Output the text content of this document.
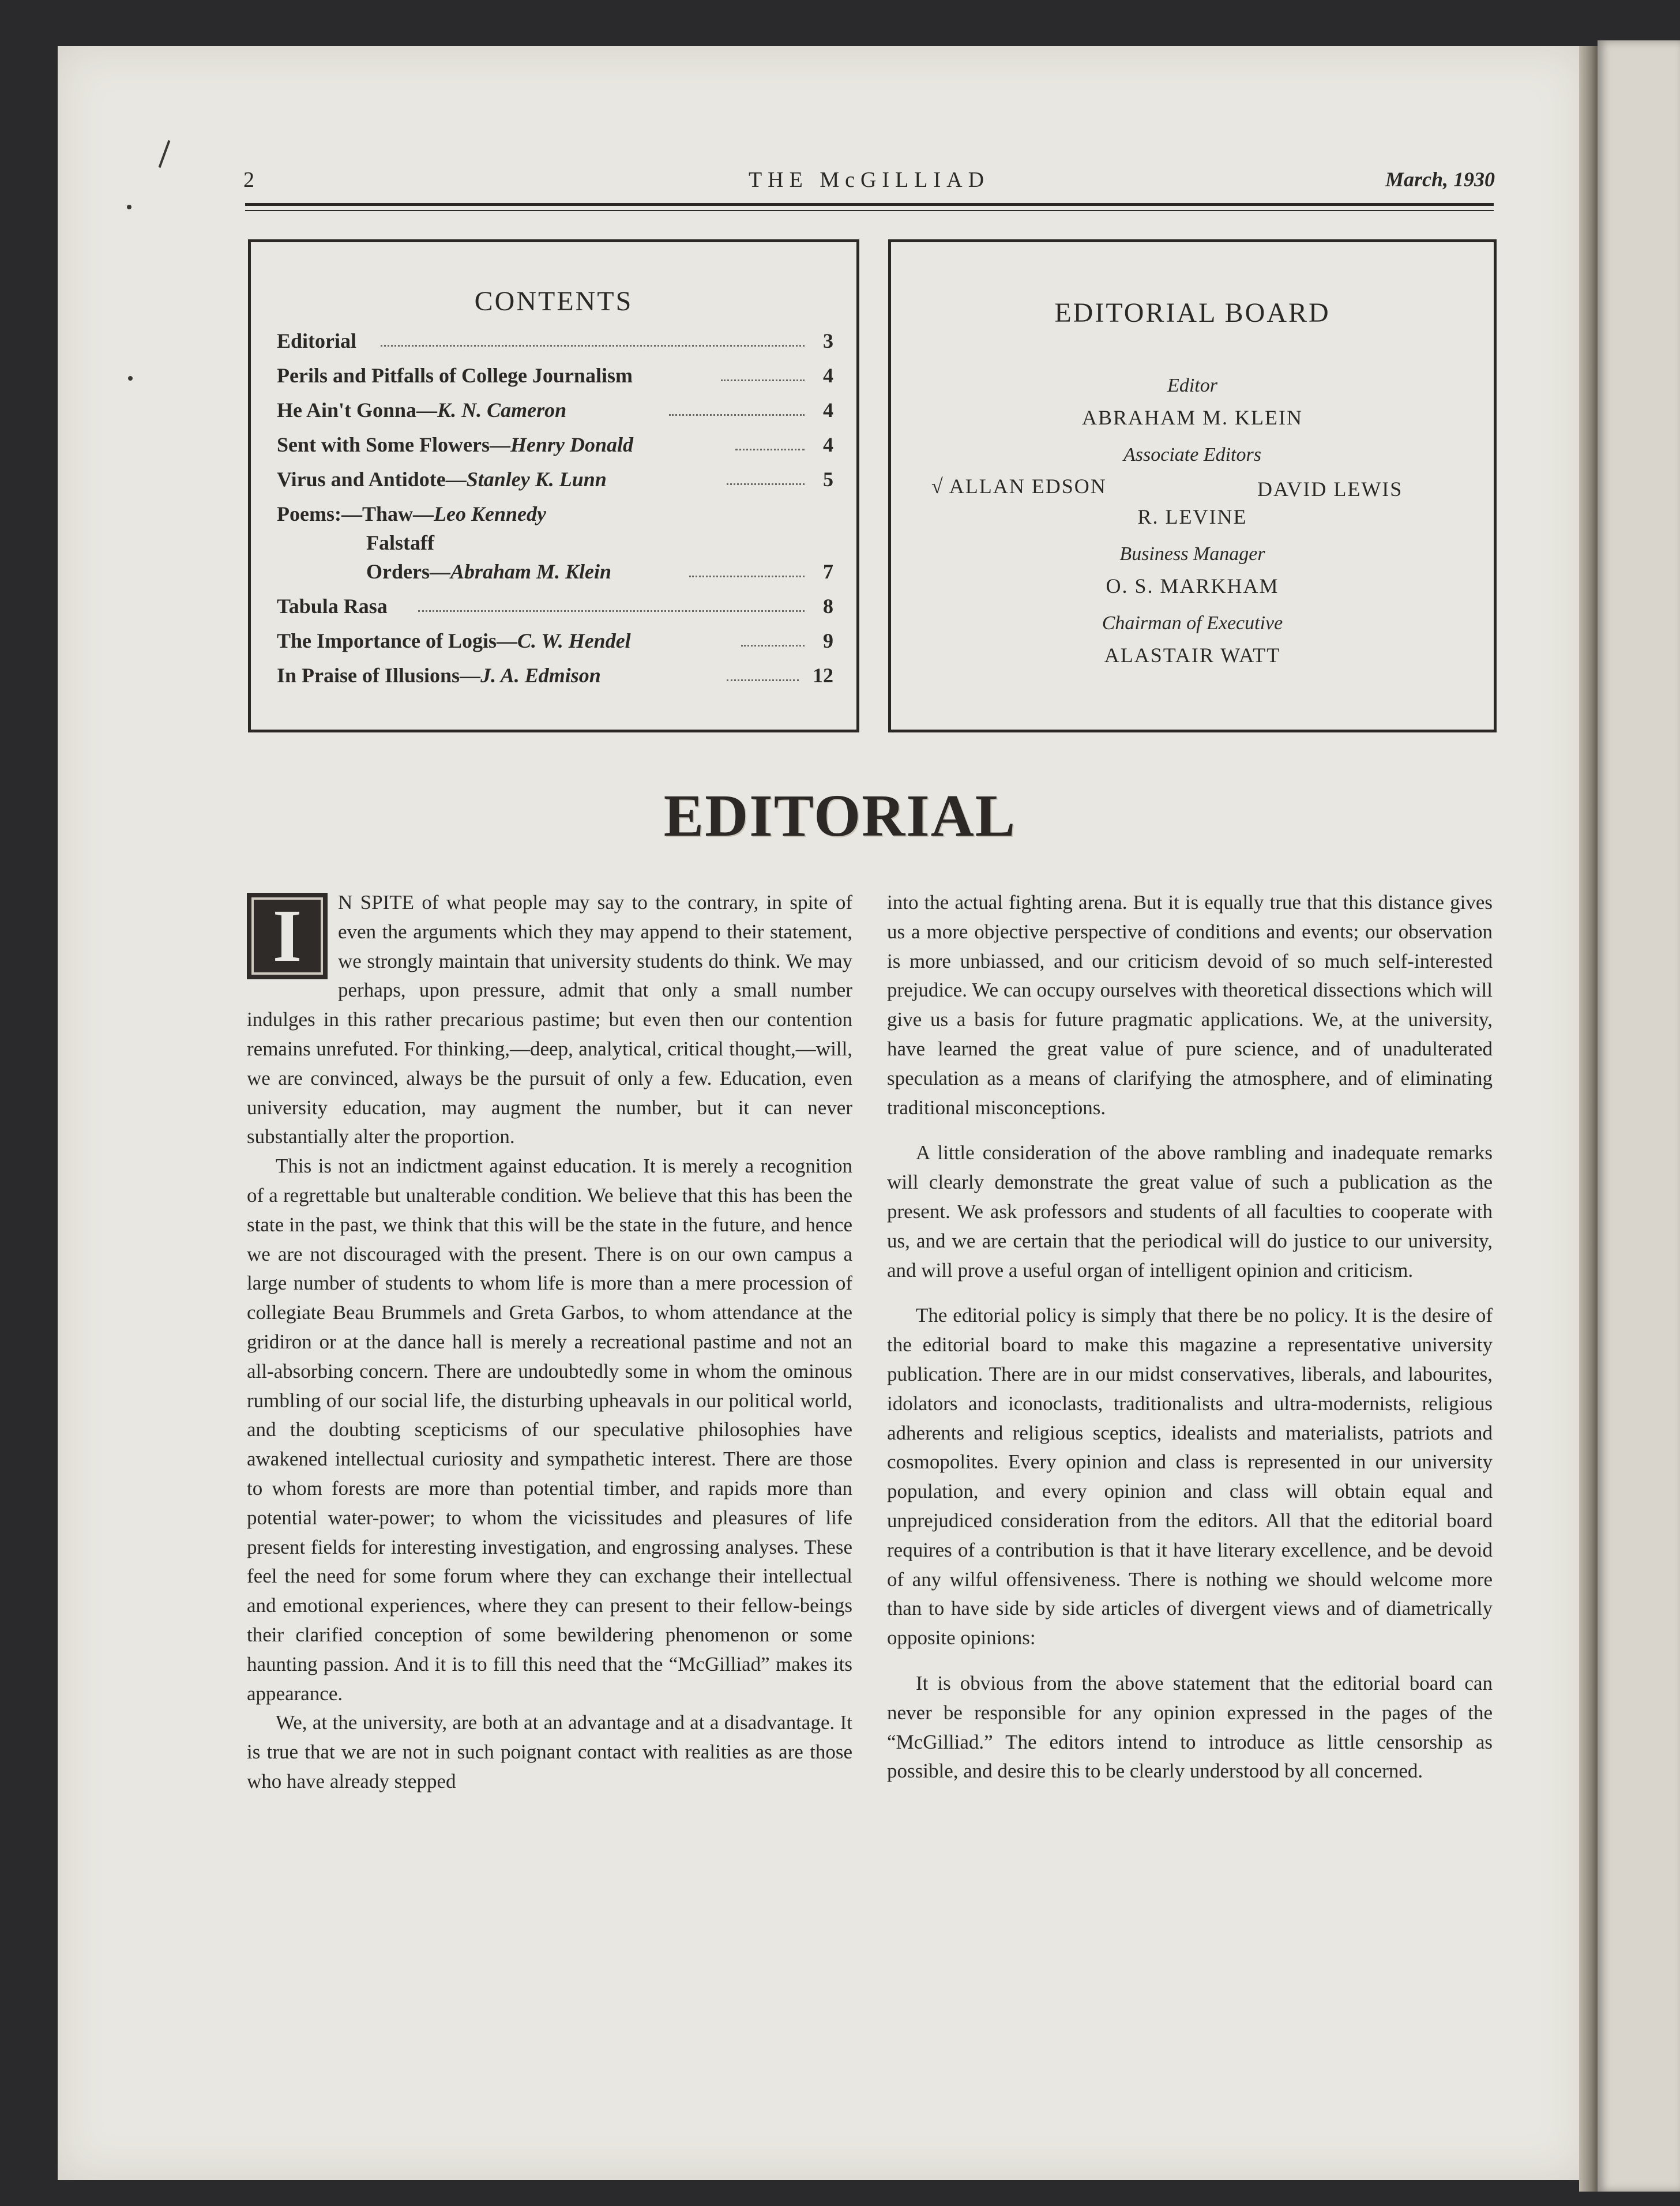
2	THE McGILLIAD	March, 1930
CONTENTS
Editorial	3
Perils and Pitfalls of College Journalism	4
He Ain't Gonna—K. N. Cameron	4
Sent with Some Flowers—Henry Donald	4
Virus and Antidote—Stanley K. Lunn	5
Poems:—Thaw—Leo Kennedy
Falstaff
Orders—Abraham M. Klein	7
Tabula Rasa	8
The Importance of Logis—C. W. Hendel	9
In Praise of Illusions—J. A. Edmison	12
EDITORIAL BOARD
Editor
ABRAHAM M. KLEIN
Associate Editors
√ ALLAN EDSON	DAVID LEWIS
R. LEVINE
Business Manager
O. S. MARKHAM
Chairman of Executive
ALASTAIR WATT
EDITORIAL

I	N SPITE of what people may say to the contrary, in spite of even the arguments which they may append to their statement, we strongly maintain that university students do think. We may perhaps, upon pressure, admit that only a small number indulges in this rather precarious pastime; but even then our contention remains unrefuted. For thinking,—deep, analytical, critical thought,—will, we are convinced, always be the pursuit of only a few. Education, even university education, may augment the number, but it can never substantially alter the proportion.

This is not an indictment against education. It is merely a recognition of a regrettable but unalterable condition. We believe that this has been the state in the past, we think that this will be the state in the future, and hence we are not discouraged with the present. There is on our own campus a large number of students to whom life is more than a mere procession of collegiate Beau Brummels and Greta Garbos, to whom attendance at the gridiron or at the dance hall is merely a recreational pastime and not an all-absorbing concern. There are undoubtedly some in whom the ominous rumbling of our social life, the disturbing upheavals in our political world, and the doubting scepticisms of our speculative philosophies have awakened intellectual curiosity and sympathetic interest. There are those to whom forests are more than potential timber, and rapids more than potential water-power; to whom the vicissitudes and pleasures of life present fields for interesting investigation, and engrossing analyses. These feel the need for some forum where they can exchange their intellectual and emotional experiences, where they can present to their fellow-beings their clarified conception of some bewildering phenomenon or some haunting passion. And it is to fill this need that the “McGilliad” makes its appearance.

We, at the university, are both at an advantage and at a disadvantage. It is true that we are not in such poignant contact with realities as are those who have already stepped

into the actual fighting arena. But it is equally true that this distance gives us a more objective perspective of conditions and events; our observation is more unbiassed, and our criticism devoid of so much self-interested prejudice. We can occupy ourselves with theoretical dissections which will give us a basis for future pragmatic applications. We, at the university, have learned the great value of pure science, and of unadulterated speculation as a means of clarifying the atmosphere, and of eliminating traditional misconceptions.

A little consideration of the above rambling and inadequate remarks will clearly demonstrate the great value of such a publication as the present. We ask professors and students of all faculties to cooperate with us, and we are certain that the periodical will do justice to our university, and will prove a useful organ of intelligent opinion and criticism.

The editorial policy is simply that there be no policy. It is the desire of the editorial board to make this magazine a representative university publication. There are in our midst conservatives, liberals, and labourites, idolators and iconoclasts, traditionalists and ultra-modernists, religious adherents and religious sceptics, idealists and materialists, patriots and cosmopolites. Every opinion and class is represented in our university population, and every opinion and class will obtain equal and unprejudiced consideration from the editors. All that the editorial board requires of a contribution is that it have literary excellence, and be devoid of any wilful offensiveness. There is nothing we should welcome more than to have side by side articles of divergent views and of diametrically opposite opinions:

It is obvious from the above statement that the editorial board can never be responsible for any opinion expressed in the pages of the “McGilliad.” The editors intend to introduce as little censorship as possible, and desire this to be clearly understood by all concerned.
